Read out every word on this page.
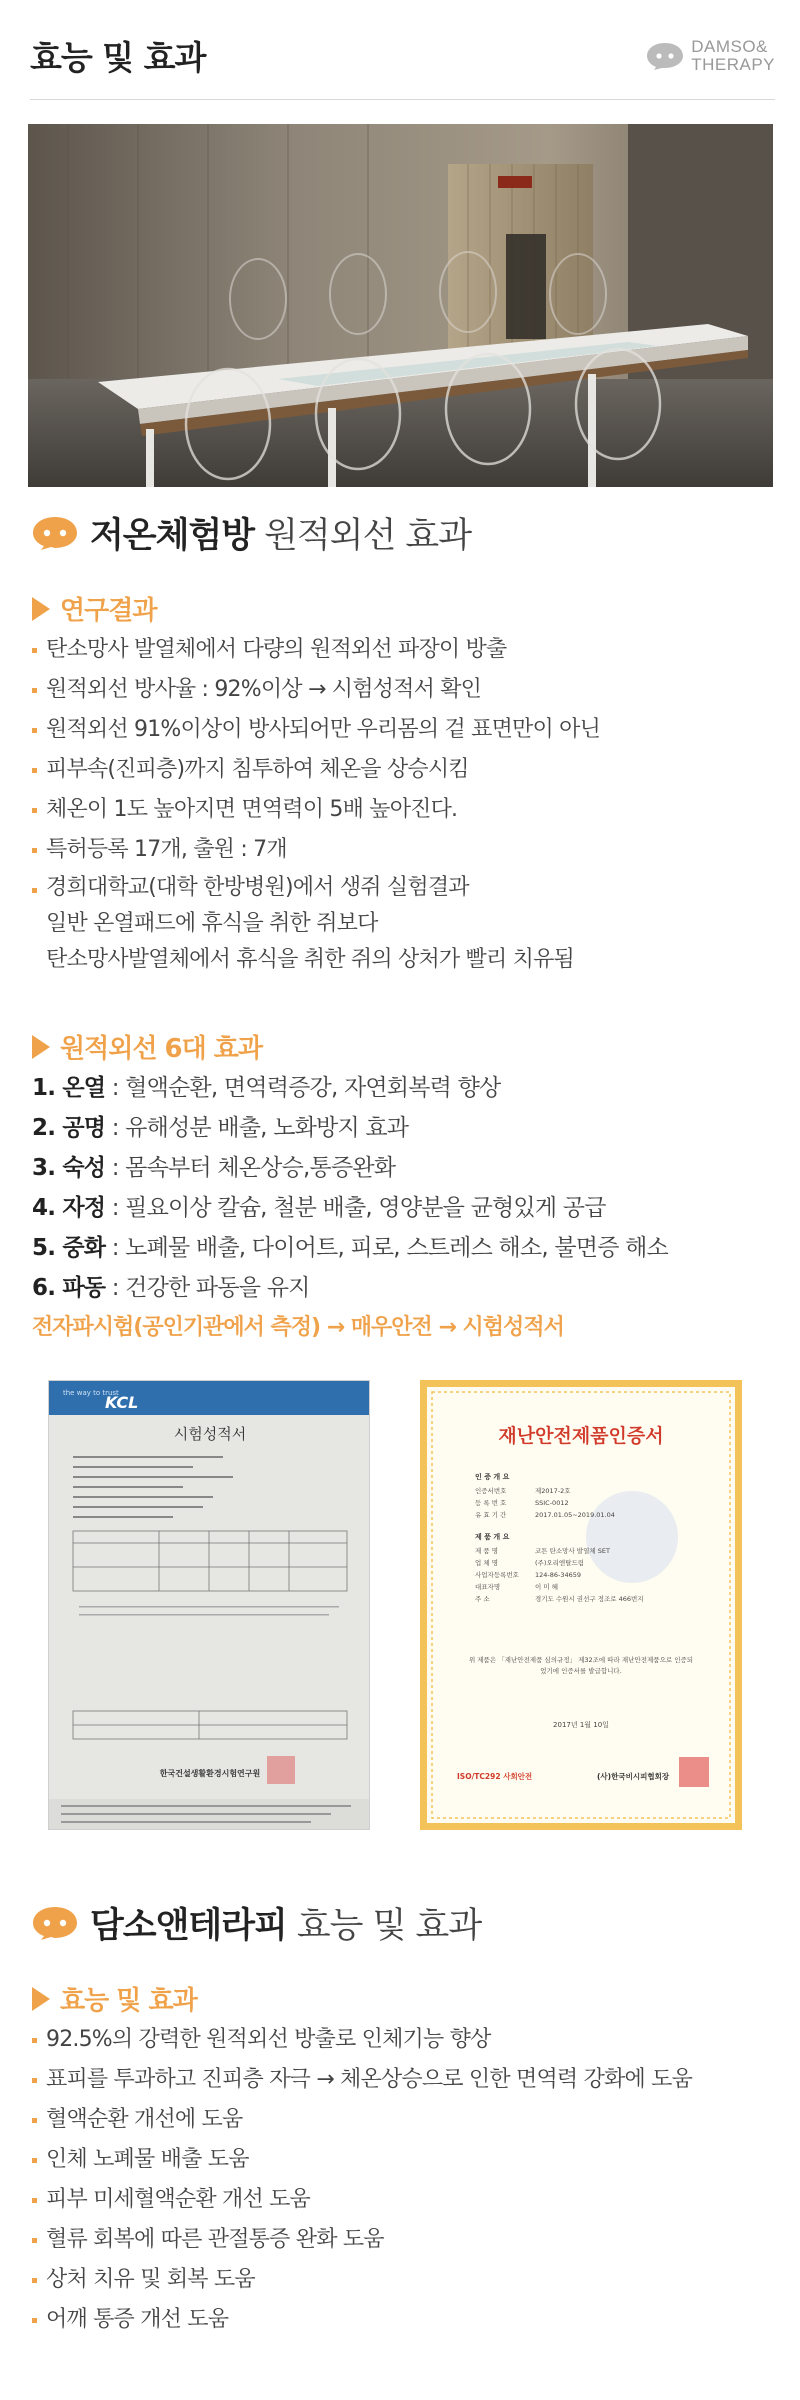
효능 및 효과	DAMSO&
THERAPY
저온체험방 원적외선 효과
연구결과
탄소망사 발열체에서 다량의 원적외선 파장이 방출
원적외선 방사율 : 92%이상 → 시험성적서 확인
원적외선 91%이상이 방사되어만 우리몸의 겉 표면만이 아닌
피부속(진피층)까지 침투하여 체온을 상승시킴
체온이 1도 높아지면 면역력이 5배 높아진다.
특허등록 17개, 출원 : 7개
경희대학교(대학 한방병원)에서 생쥐 실험결과
일반 온열패드에 휴식을 취한 쥐보다
탄소망사발열체에서 휴식을 취한 쥐의 상처가 빨리 치유됨
원적외선 6대 효과
1. 온열 : 혈액순환, 면역력증강, 자연회복력 향상
2. 공명 : 유해성분 배출, 노화방지 효과
3. 숙성 : 몸속부터 체온상승,통증완화
4. 자정 : 필요이상 칼슘, 철분 배출, 영양분을 균형있게 공급
5. 중화 : 노폐물 배출, 다이어트, 피로, 스트레스 해소, 불면증 해소
6. 파동 : 건강한 파동을 유지
전자파시험(공인기관에서 측정) → 매우안전 → 시험성적서
the way to trust
KCL
시험성적서
한국건설생활환경시험연구원
재난안전제품인증서
인 증 개 요
인증서번호	제2017-2호
등 록 번 호	SSIC-0012
유 효 기 간	2017.01.05~2019.01.04
제 품 개 요
제 품 명	코튼 탄소망사 발열체 SET
업 체 명	(주)오리엔탈드림
사업자등록번호 124-86-34659
대표자명	이 미 혜
주 소	경기도 수원시 권선구 정조로 466번지
위 제품은 「재난안전제품 심의규정」 제32조에 따라 재난안전제품으로 인증되었기에 인증서를 발급합니다.
2017년 1월 10일
ISO/TC292 사회안전	(사)한국비시피협회장
담소앤테라피 효능 및 효과
효능 및 효과
92.5%의 강력한 원적외선 방출로 인체기능 향상
표피를 투과하고 진피층 자극 → 체온상승으로 인한 면역력 강화에 도움
혈액순환 개선에 도움
인체 노폐물 배출 도움
피부 미세혈액순환 개선 도움
혈류 회복에 따른 관절통증 완화 도움
상처 치유 및 회복 도움
어깨 통증 개선 도움
